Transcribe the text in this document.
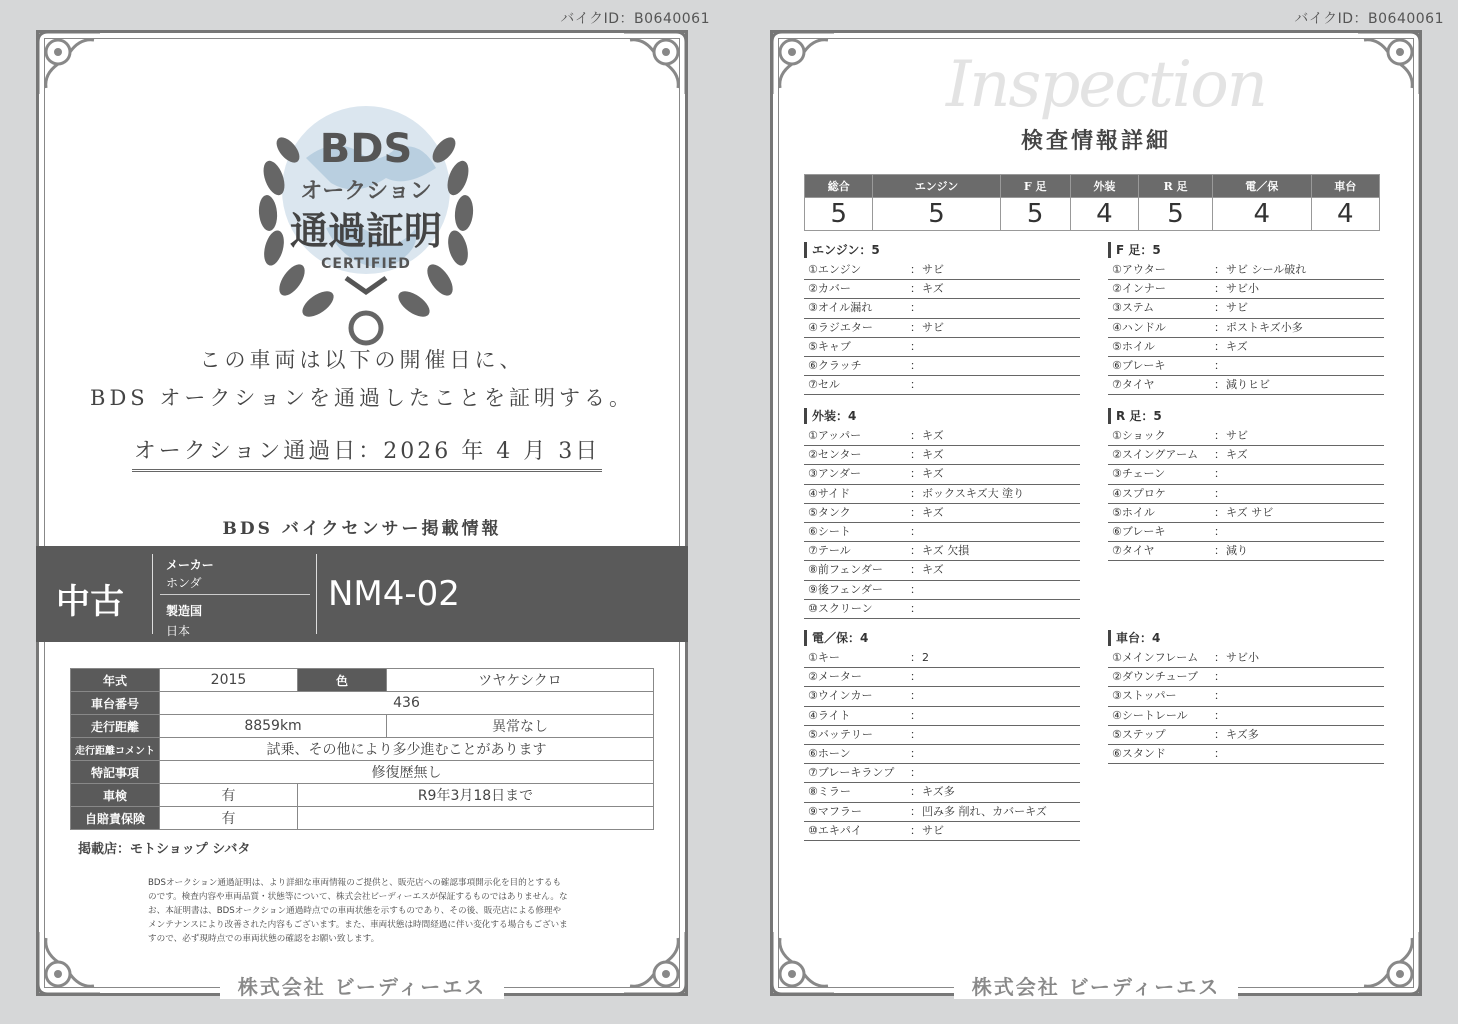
バイクID：B0640061
BDS
オークション
通過証明
CERTIFIED
この車両は以下の開催日に、
BDS オークションを通過したことを証明する。
オークション通過日：2026 年 4 月 3日
BDS バイクセンサー掲載情報
中古
メーカー
ホンダ
製造国
日本
NM4-02
年式	2015	色	ツヤケシクロ
車台番号	436		
走行距離	8859km		異常なし
走行距離コメント	試乗、その他により多少進むことがあります		
特記事項	修復歴無し		
車検	有	R9年3月18日まで	
自賠責保険	有		
掲載店：モトショップ シバタ
BDSオークション通過証明は、より詳細な車両情報のご提供と、販売店への確認事項開示化を目的とするものです。検査内容や車両品質・状態等について、株式会社ビーディーエスが保証するものではありません。なお、本証明書は、BDSオークション通過時点での車両状態を示すものであり、その後、販売店による修理やメンテナンスにより改善された内容もございます。また、車両状態は時間経過に伴い変化する場合もございますので、必ず現時点での車両状態の確認をお願い致します。
株式会社 ビーディーエス
バイクID：B0640061
Inspection
検査情報詳細
総合	エンジン	F 足	外装	R 足	電／保	車台
5	5	5	4	5	4	4
エンジン：5
①エンジン	： サビ
②カバー	： キズ
③オイル漏れ	：
④ラジエター	： サビ
⑤キャブ	：
⑥クラッチ	：
⑦セル	：
F 足：5
①アウター	： サビ シール破れ
②インナー	： サビ小
③ステム	： サビ
④ハンドル	： ポストキズ小多
⑤ホイル	： キズ
⑥ブレーキ	：
⑦タイヤ	： 減りヒビ
外装：4
①アッパー	： キズ
②センター	： キズ
③アンダー	： キズ
④サイド	： ボックスキズ大 塗り
⑤タンク	： キズ
⑥シート	：
⑦テール	： キズ 欠損
⑧前フェンダー ： キズ
⑨後フェンダー ：
⑩スクリーン	：
R 足：5
①ショック	： サビ
②スイングアーム ： キズ
③チェーン	：
④スプロケ	：
⑤ホイル	： キズ サビ
⑥ブレーキ	：
⑦タイヤ	： 減り
電／保：4
①キー	： 2
②メーター	：
③ウインカー	：
④ライト	：
⑤バッテリー	：
⑥ホーン	：
⑦ブレーキランプ ：
⑧ミラー	： キズ多
⑨マフラー	： 凹み多 削れ、カバーキズ
⑩エキパイ	： サビ
車台：4
①メインフレーム ： サビ小
②ダウンチューブ ：
③ストッパー	：
④シートレール ：
⑤ステップ	： キズ多
⑥スタンド	：
株式会社 ビーディーエス
